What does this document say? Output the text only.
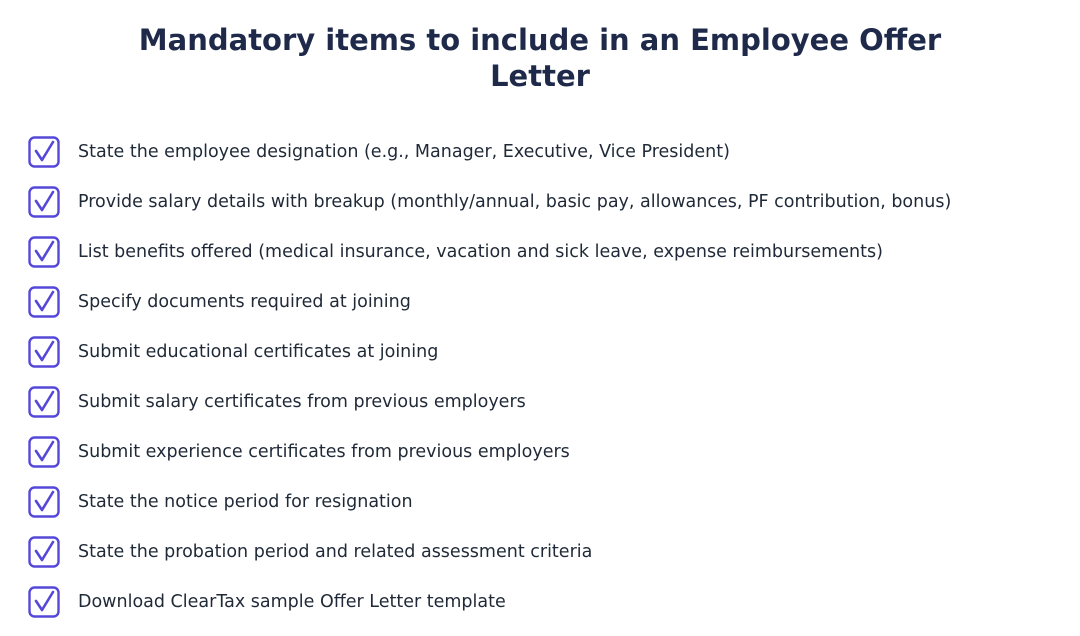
Mandatory items to include in an Employee Offer Letter
State the employee designation (e.g., Manager, Executive, Vice President)
Provide salary details with breakup (monthly/annual, basic pay, allowances, PF contribution, bonus)
List benefits offered (medical insurance, vacation and sick leave, expense reimbursements)
Specify documents required at joining
Submit educational certificates at joining
Submit salary certificates from previous employers
Submit experience certificates from previous employers
State the notice period for resignation
State the probation period and related assessment criteria
Download ClearTax sample Offer Letter template
